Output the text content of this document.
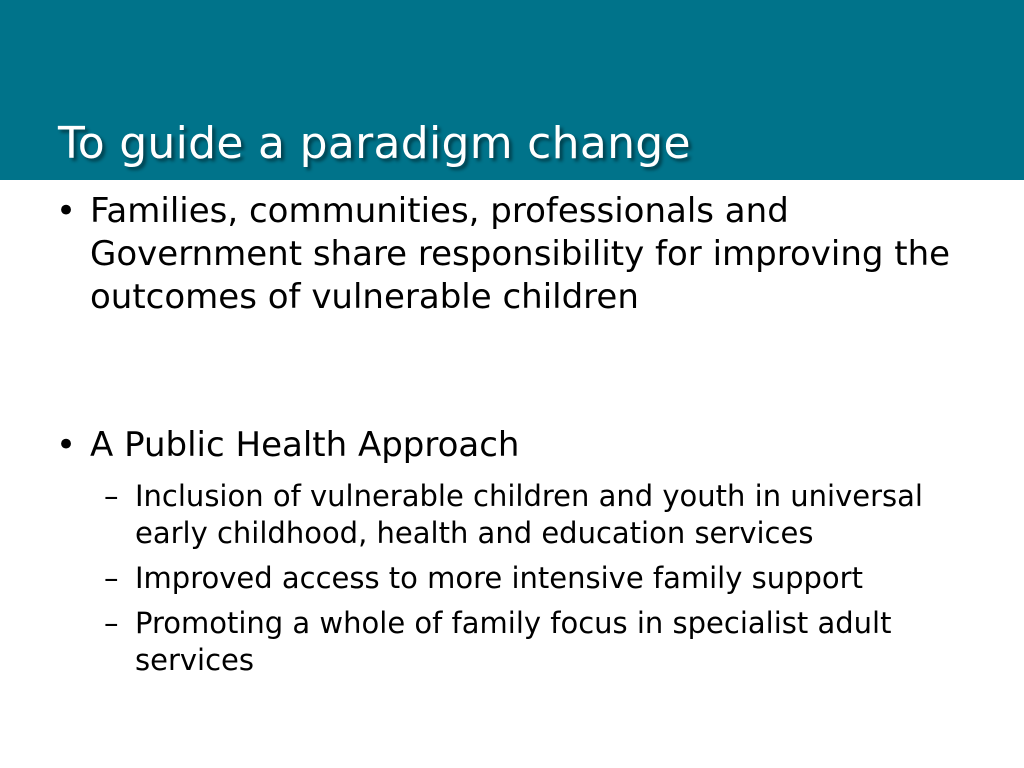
To guide a paradigm change
• Families, communities, professionals and Government share responsibility for improving the outcomes of vulnerable children
• A Public Health Approach
– Inclusion of vulnerable children and youth in universal early childhood, health and education services
– Improved access to more intensive family support
– Promoting a whole of family focus in specialist adult services
